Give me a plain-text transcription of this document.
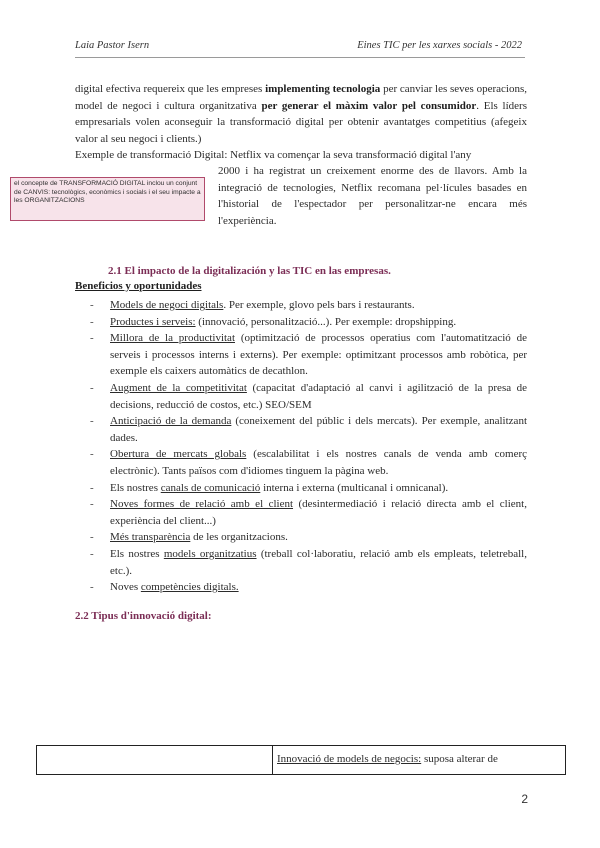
Laia Pastor Isern	Eines TIC per les xarxes socials - 2022

digital efectiva requereix que les empreses implementing tecnologia per canviar les seves operacions, model de negoci i cultura organitzativa per generar el màxim valor pel consumidor. Els líders empresarials volen aconseguir la transformació digital per obtenir avantatges competitius (afegeix valor al seu negoci i clients.)

Exemple de transformació Digital: Netflix va començar la seva transformació digital l'any

2000 i ha registrat un creixement enorme des de llavors. Amb la integració de tecnologies, Netflix recomana pel·lícules basades en l'historial de l'espectador per personalitzar-ne encara més l'experiència.

el concepte de TRANSFORMACIÓ DIGITAL inclou un conjunt de CANVIS: tecnològics, econòmics i socials i el seu impacte a les ORGANITZACIONS
2.1 El impacto de la digitalización y las TIC en las empresas.
Beneficios y oportunidades
- Models de negoci digitals. Per exemple, glovo pels bars i restaurants.
- Productes i serveis: (innovació, personalització...). Per exemple: dropshipping.
- Millora de la productivitat (optimització de processos operatius com l'automatització de serveis i processos interns i externs). Per exemple: optimitzant processos amb robòtica, per exemple els caixers automàtics de decathlon.
- Augment de la competitivitat (capacitat d'adaptació al canvi i agilització de la presa de decisions, reducció de costos, etc.) SEO/SEM
- Anticipació de la demanda (coneixement del públic i dels mercats). Per exemple, analitzant dades.
- Obertura de mercats globals (escalabilitat i els nostres canals de venda amb comerç electrònic). Tants països com d'idiomes tinguem la pàgina web.
- Els nostres canals de comunicació interna i externa (multicanal i omnicanal).
- Noves formes de relació amb el client (desintermediació i relació directa amb el client, experiència del client...)
- Més transparència de les organitzacions.
- Els nostres models organitzatius (treball col·laboratiu, relació amb els empleats, teletreball, etc.).
- Noves competències digitals.
2.2 Tipus d'innovació digital:
Innovació de models de negocis: suposa alterar de
2
